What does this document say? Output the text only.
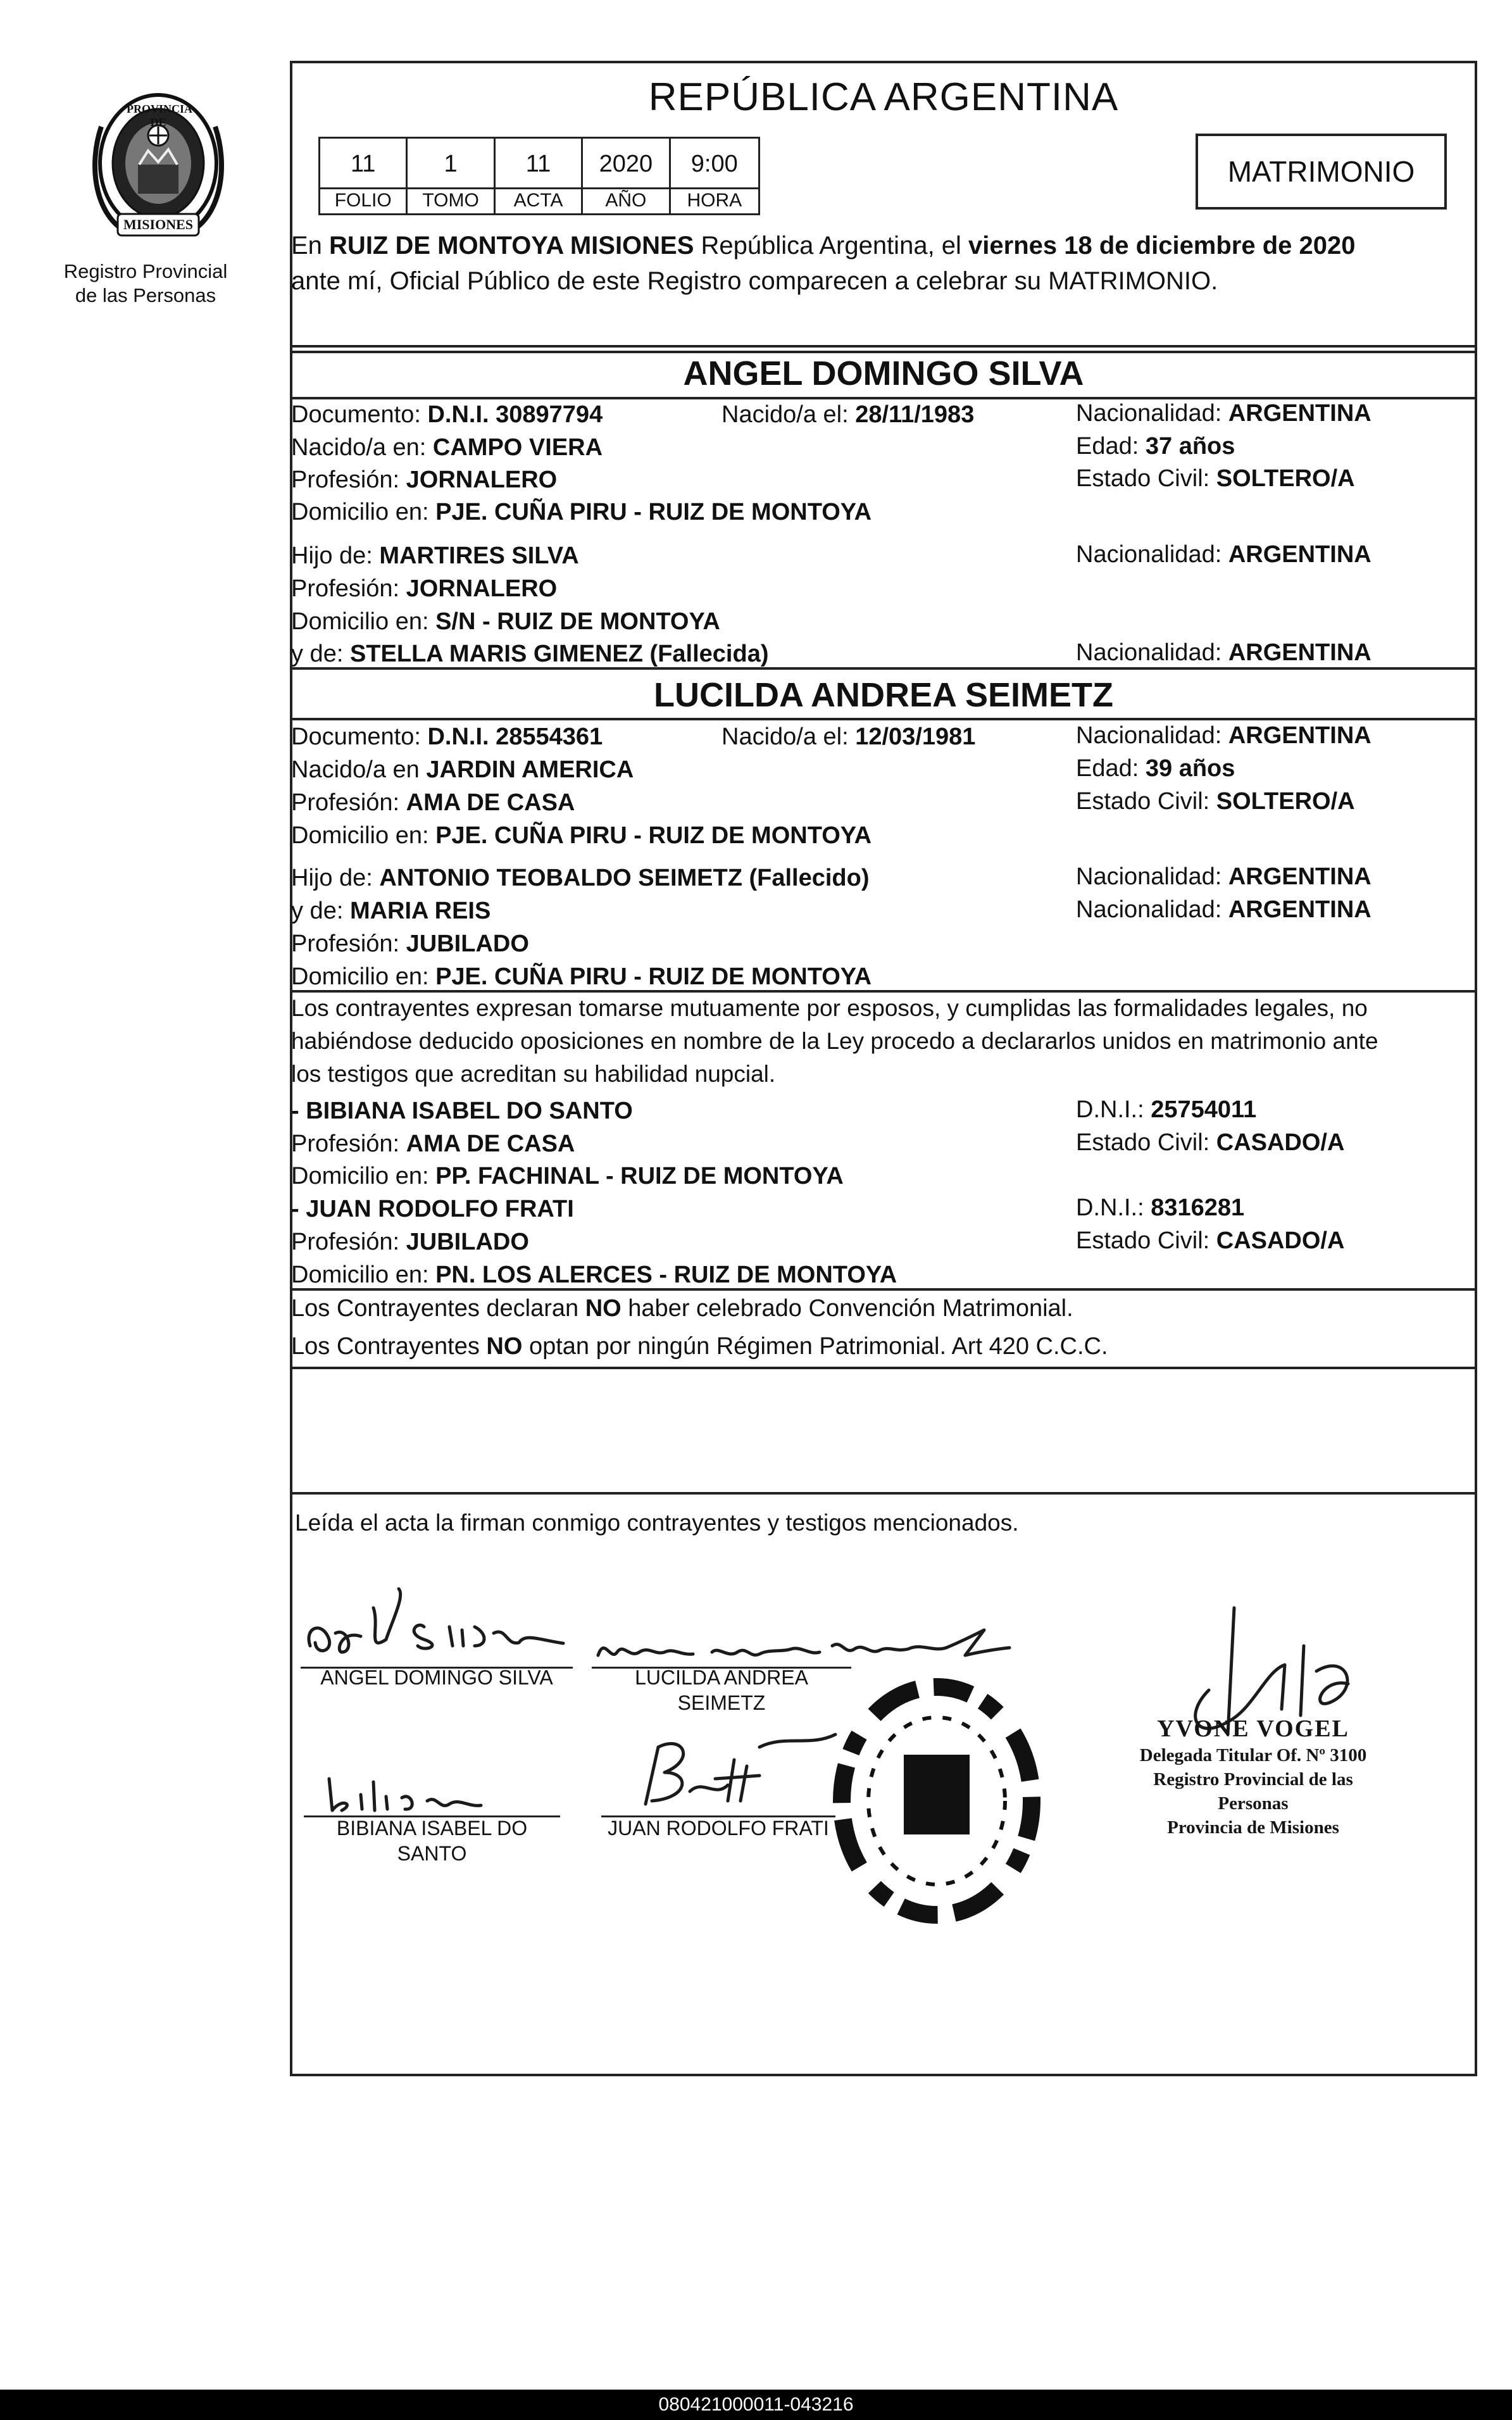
PROVINCIA DE
MISIONES
Registro Provincial
de las Personas
REPÚBLICA ARGENTINA
11	1	11	2020	9:00
FOLIO	TOMO	ACTA	AÑO	HORA
MATRIMONIO
En RUIZ DE MONTOYA MISIONES República Argentina, el viernes 18 de diciembre de 2020
ante mí, Oficial Público de este Registro comparecen a celebrar su MATRIMONIO.
ANGEL DOMINGO SILVA
Documento: D.N.I. 30897794	Nacido/a el: 28/11/1983	Nacionalidad: ARGENTINA
Nacido/a en: CAMPO VIERA	Edad: 37 años
Profesión: JORNALERO	Estado Civil: SOLTERO/A
Domicilio en: PJE. CUÑA PIRU - RUIZ DE MONTOYA
Hijo de: MARTIRES SILVA	Nacionalidad: ARGENTINA
Profesión: JORNALERO
Domicilio en: S/N - RUIZ DE MONTOYA
y de: STELLA MARIS GIMENEZ (Fallecida)	Nacionalidad: ARGENTINA
LUCILDA ANDREA SEIMETZ
Documento: D.N.I. 28554361	Nacido/a el: 12/03/1981	Nacionalidad: ARGENTINA
Nacido/a en JARDIN AMERICA	Edad: 39 años
Profesión: AMA DE CASA	Estado Civil: SOLTERO/A
Domicilio en: PJE. CUÑA PIRU - RUIZ DE MONTOYA
Hijo de: ANTONIO TEOBALDO SEIMETZ (Fallecido)	Nacionalidad: ARGENTINA
y de: MARIA REIS	Nacionalidad: ARGENTINA
Profesión: JUBILADO
Domicilio en: PJE. CUÑA PIRU - RUIZ DE MONTOYA
Los contrayentes expresan tomarse mutuamente por esposos, y cumplidas las formalidades legales, no
habiéndose deducido oposiciones en nombre de la Ley procedo a declararlos unidos en matrimonio ante
los testigos que acreditan su habilidad nupcial.
- BIBIANA ISABEL DO SANTO	D.N.I.: 25754011
Profesión: AMA DE CASA	Estado Civil: CASADO/A
Domicilio en: PP. FACHINAL - RUIZ DE MONTOYA
- JUAN RODOLFO FRATI	D.N.I.: 8316281
Profesión: JUBILADO	Estado Civil: CASADO/A
Domicilio en: PN. LOS ALERCES - RUIZ DE MONTOYA
Los Contrayentes declaran NO haber celebrado Convención Matrimonial.
Los Contrayentes NO optan por ningún Régimen Patrimonial. Art 420 C.C.C.
Leída el acta la firman conmigo contrayentes y testigos mencionados.
ANGEL DOMINGO SILVA	LUCILDA ANDREA
SEIMETZ
BIBIANA ISABEL DO
SANTO
JUAN RODOLFO FRATI
YVONE VOGEL
Delegada Titular Of. Nº 3100
Registro Provincial de las Personas
Provincia de Misiones
080421000011-043216
